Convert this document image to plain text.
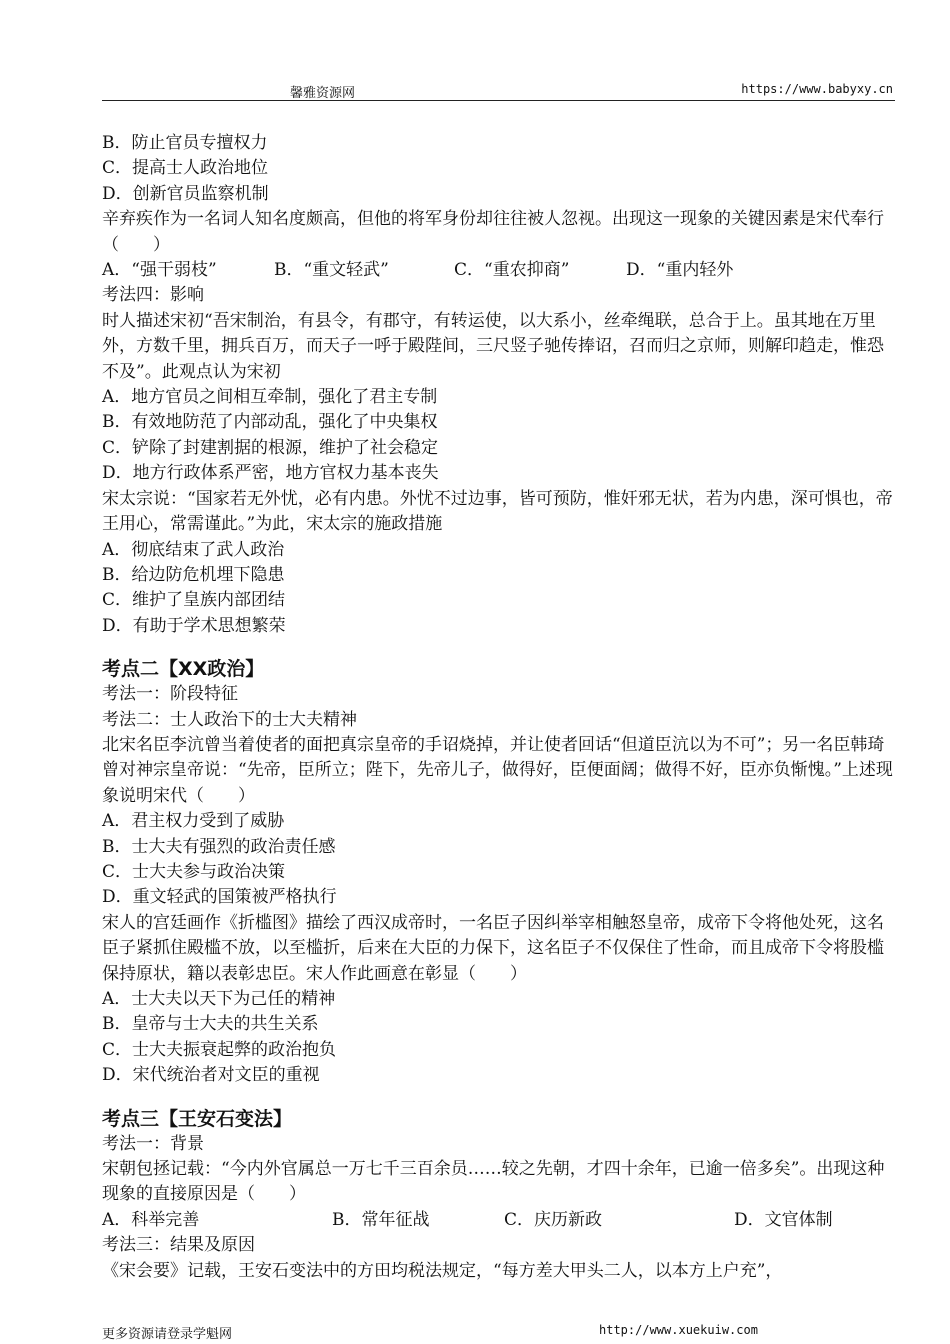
馨雅资源网	https://www.babyxy.cn
B．防止官员专擅权力
C．提高士人政治地位
D．创新官员监察机制
辛弃疾作为一名词人知名度颇高，但他的将军身份却往往被人忽视。出现这一现象的关键因素是宋代奉行（　　）
A．“强干弱枝”	B．“重文轻武”	C．“重农抑商”	D．“重内轻外
考法四：影响
时人描述宋初“吾宋制治，有县令，有郡守，有转运使，以大系小，丝牵绳联，总合于上。虽其地在万里外，方数千里，拥兵百万，而天子一呼于殿陛间，三尺竖子驰传捧诏，召而归之京师，则解印趋走，惟恐不及”。此观点认为宋初
A．地方官员之间相互牵制，强化了君主专制
B．有效地防范了内部动乱，强化了中央集权
C．铲除了封建割据的根源，维护了社会稳定
D．地方行政体系严密，地方官权力基本丧失
宋太宗说：“国家若无外忧，必有内患。外忧不过边事，皆可预防，惟奸邪无状，若为内患，深可惧也，帝王用心，常需谨此。”为此，宋太宗的施政措施
A．彻底结束了武人政治
B．给边防危机埋下隐患
C．维护了皇族内部团结
D．有助于学术思想繁荣
考点二【XX政治】
考法一：阶段特征
考法二：士人政治下的士大夫精神
北宋名臣李沆曾当着使者的面把真宗皇帝的手诏烧掉，并让使者回话“但道臣沆以为不可”；另一名臣韩琦曾对神宗皇帝说：“先帝，臣所立；陛下，先帝儿子，做得好，臣便面阔；做得不好，臣亦负惭愧。”上述现象说明宋代（　　）
A．君主权力受到了威胁
B．士大夫有强烈的政治责任感
C．士大夫参与政治决策
D．重文轻武的国策被严格执行
宋人的宫廷画作《折槛图》描绘了西汉成帝时，一名臣子因纠举宰相触怒皇帝，成帝下令将他处死，这名臣子紧抓住殿槛不放，以至槛折，后来在大臣的力保下，这名臣子不仅保住了性命，而且成帝下令将股槛保持原状，籍以表彰忠臣。宋人作此画意在彰显（　　）
A．士大夫以天下为己任的精神
B．皇帝与士大夫的共生关系
C．士大夫振衰起弊的政治抱负
D．宋代统治者对文臣的重视
考点三【王安石变法】
考法一：背景
宋朝包拯记载：“今内外官属总一万七千三百余员……较之先朝，才四十余年，已逾一倍多矣”。出现这种现象的直接原因是（　　）
A．科举完善	B．常年征战	C．庆历新政	D．文官体制
考法三：结果及原因
《宋会要》记载，王安石变法中的方田均税法规定，“每方差大甲头二人，以本方上户充”，
更多资源请登录学魁网	http://www.xuekuiw.com
